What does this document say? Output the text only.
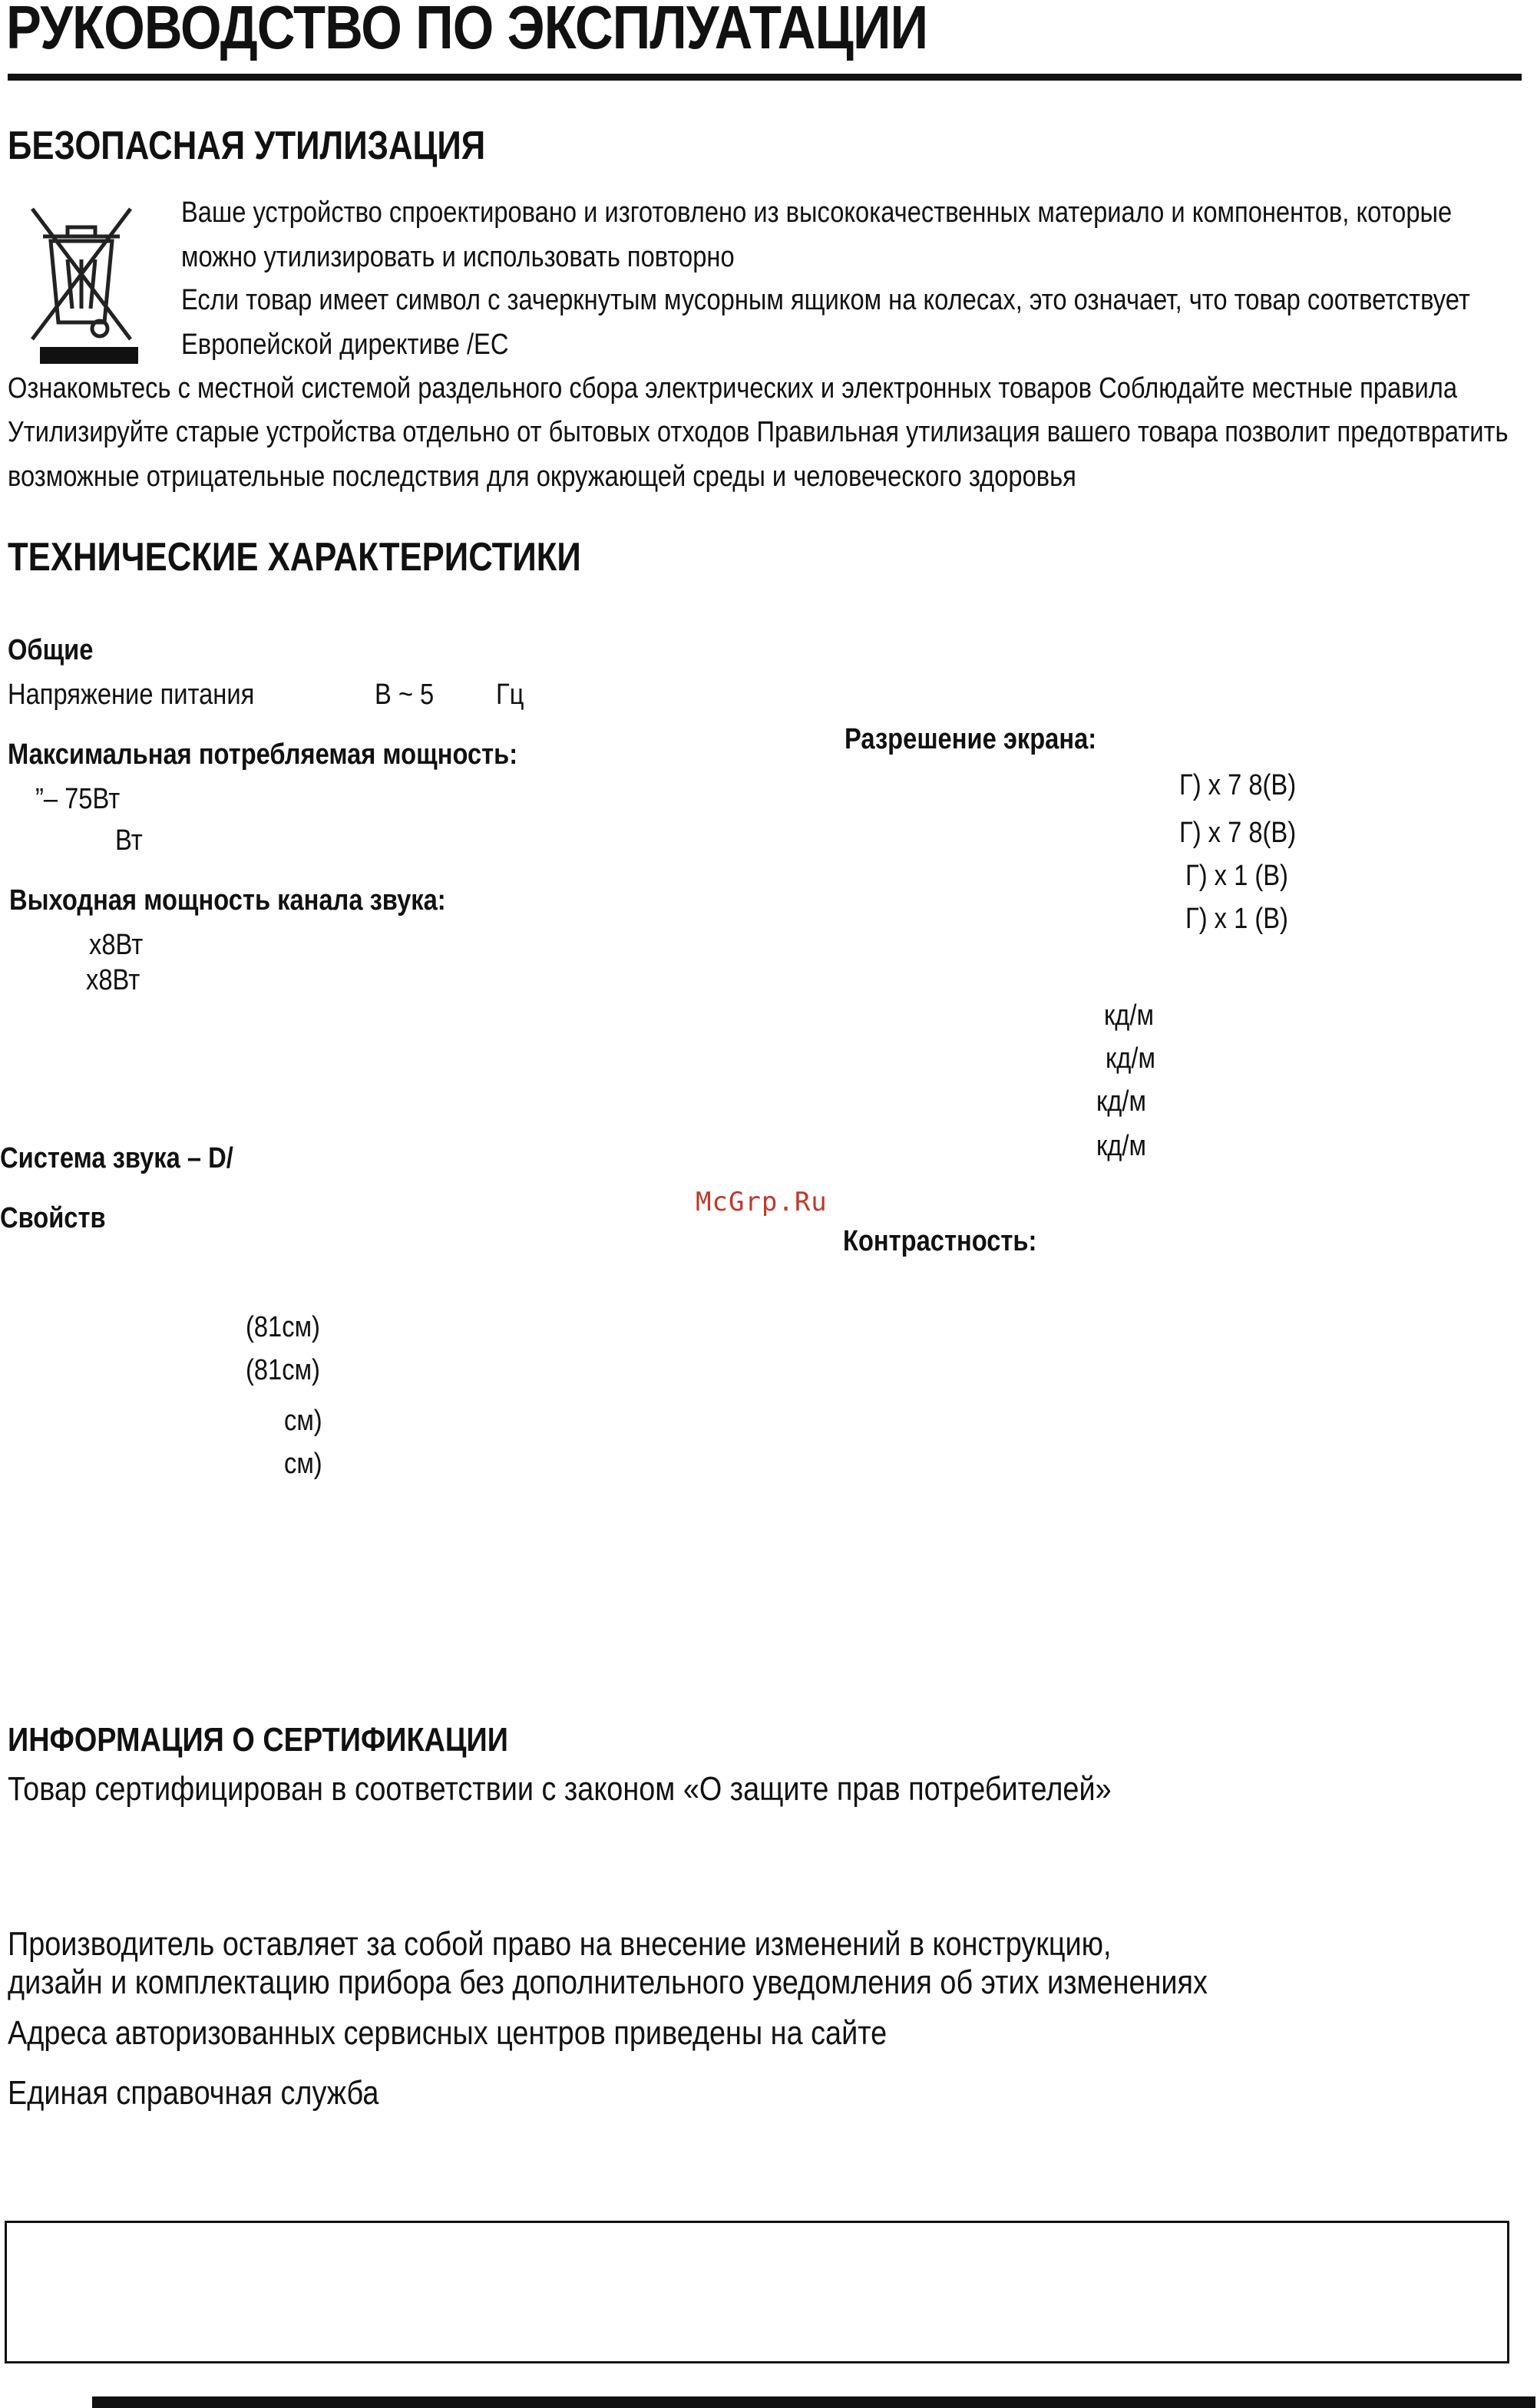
РУКОВОДСТВО ПО ЭКСПЛУАТАЦИИ
БЕЗОПАСНАЯ УТИЛИЗАЦИЯ
Ваше устройство спроектировано и изготовлено из высококачественных материало и компонентов, которые
можно утилизировать и использовать повторно
Если товар имеет символ с зачеркнутым мусорным ящиком на колесах, это означает, что товар соответствует
Европейской директиве /EC
Ознакомьтесь с местной системой раздельного сбора электрических и электронных товаров Соблюдайте местные правила
Утилизируйте старые устройства отдельно от бытовых отходов Правильная утилизация вашего товара позволит предотвратить
возможные отрицательные последствия для окружающей среды и человеческого здоровья
ТЕХНИЧЕСКИЕ ХАРАКТЕРИСТИКИ
Общие
Напряжение питания	В ~ 5 Гц
Максимальная потребляемая мощность:
”– 75Вт
Вт
Выходная мощность канала звука:
x8Вт
x8Вт
Система звука – D/
Свойств
(81см)
(81см)
см)
см)
Разрешение экрана:
Г) x 7 8(В)
Г) x 7 8(В)
Г) x 1 (В)
Г) x 1 (В)
кд/м
кд/м
кд/м
кд/м
McGrp.Ru
Контрастность:
ИНФОРМАЦИЯ О СЕРТИФИКАЦИИ
Товар сертифицирован в соответствии с законом «О защите прав потребителей»
Производитель оставляет за собой право на внесение изменений в конструкцию,
дизайн и комплектацию прибора без дополнительного уведомления об этих изменениях
Адреса авторизованных сервисных центров приведены на сайте
Единая справочная служба
